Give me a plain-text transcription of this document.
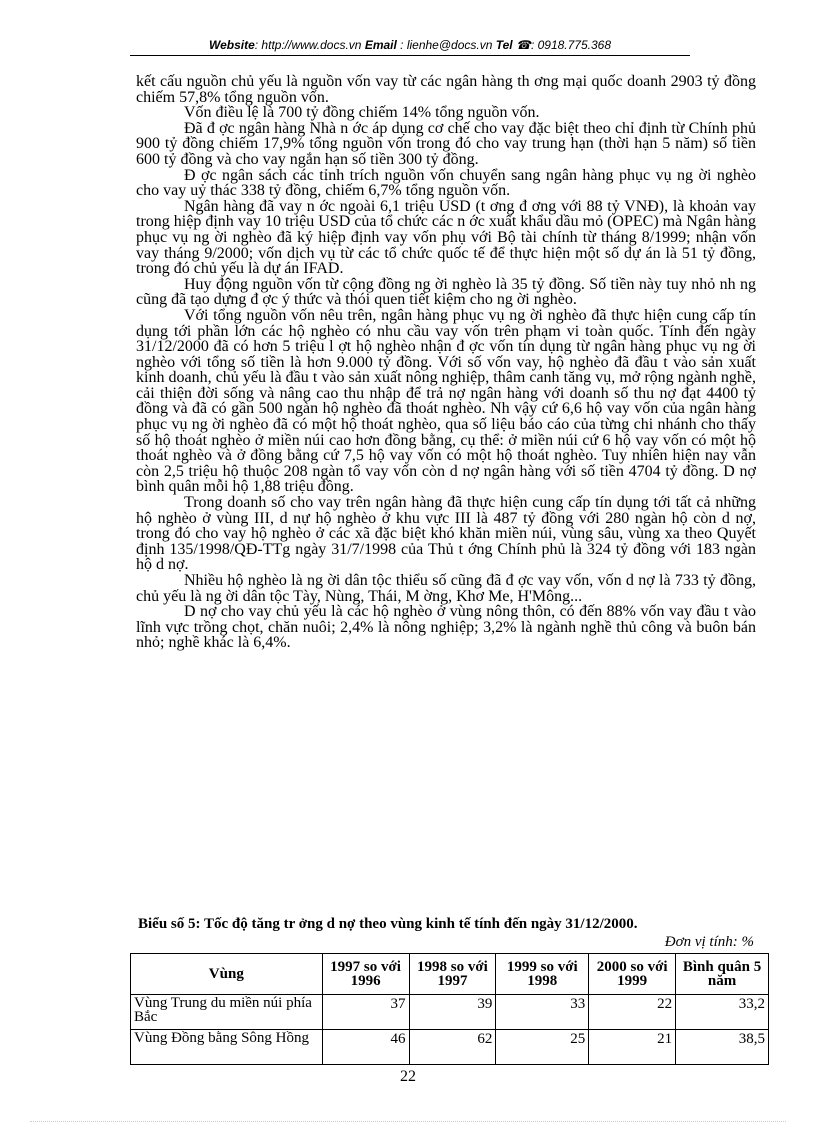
Website: http://www.docs.vn Email : lienhe@docs.vn Tel ☎: 0918.775.368

kết cấu nguồn chủ yếu là nguồn vốn vay từ các ngân hàng th ơng mại quốc doanh 2903 tỷ đồng chiếm 57,8% tổng nguồn vốn.

Vốn điều lệ là 700 tỷ đồng chiếm 14% tổng nguồn vốn.

Đã đ ợc ngân hàng Nhà n ớc áp dụng cơ chế cho vay đặc biệt theo chỉ định từ Chính phủ 900 tỷ đồng chiếm 17,9% tổng nguồn vốn trong đó cho vay trung hạn (thời hạn 5 năm) số tiền 600 tỷ đồng và cho vay ngắn hạn số tiền 300 tỷ đồng.

Đ ợc ngân sách các tỉnh trích nguồn vốn chuyển sang ngân hàng phục vụ ng ời nghèo cho vay uỷ thác 338 tỷ đồng, chiếm 6,7% tổng nguồn vốn.

Ngân hàng đã vay n ớc ngoài 6,1 triệu USD (t ơng đ ơng với 88 tỷ VNĐ), là khoản vay trong hiệp định vay 10 triệu USD của tổ chức các n ớc xuất khẩu dầu mỏ (OPEC) mà Ngân hàng phục vụ ng ời nghèo đã ký hiệp định vay vốn phụ với Bộ tài chính từ tháng 8/1999; nhận vốn vay tháng 9/2000; vốn dịch vụ từ các tổ chức quốc tế để thực hiện một số dự án là 51 tỷ đồng, trong đó chủ yếu là dự án IFAD.

Huy động nguồn vốn từ cộng đồng ng ời nghèo là 35 tỷ đồng. Số tiền này tuy nhỏ nh ng cũng đã tạo dựng đ ợc ý thức và thói quen tiết kiệm cho ng ời nghèo.

Với tổng nguồn vốn nêu trên, ngân hàng phục vụ ng ời nghèo đã thực hiện cung cấp tín dụng tới phần lớn các hộ nghèo có nhu cầu vay vốn trên phạm vi toàn quốc. Tính đến ngày 31/12/2000 đã có hơn 5 triệu l ợt hộ nghèo nhận đ ợc vốn tín dụng từ ngân hàng phục vụ ng ời nghèo với tổng số tiền là hơn 9.000 tỷ đồng. Với số vốn vay, hộ nghèo đã đầu t vào sản xuất kinh doanh, chủ yếu là đầu t vào sản xuất nông nghiệp, thâm canh tăng vụ, mở rộng ngành nghề, cải thiện đời sống và nâng cao thu nhập để trả nợ ngân hàng với doanh số thu nợ đạt 4400 tỷ đồng và đã có gần 500 ngàn hộ nghèo đã thoát nghèo. Nh vậy cứ 6,6 hộ vay vốn của ngân hàng phục vụ ng ời nghèo đã có một hộ thoát nghèo, qua số liệu báo cáo của từng chi nhánh cho thấy số hộ thoát nghèo ở miền núi cao hơn đồng bằng, cụ thể: ở miền núi cứ 6 hộ vay vốn có một hộ thoát nghèo và ở đồng bằng cứ 7,5 hộ vay vốn có một hộ thoát nghèo. Tuy nhiên hiện nay vẫn còn 2,5 triệu hộ thuộc 208 ngàn tổ vay vốn còn d nợ ngân hàng với số tiền 4704 tỷ đồng. D nợ bình quân mỗi hộ 1,88 triệu đồng.

Trong doanh số cho vay trên ngân hàng đã thực hiện cung cấp tín dụng tới tất cả những hộ nghèo ở vùng III, d nự hộ nghèo ở khu vực III là 487 tỷ đồng với 280 ngàn hộ còn d nợ, trong đó cho vay hộ nghèo ở các xã đặc biệt khó khăn miền núi, vùng sâu, vùng xa theo Quyết định 135/1998/QĐ-TTg ngày 31/7/1998 của Thủ t ớng Chính phủ là 324 tỷ đồng với 183 ngàn hộ d nợ.

Nhiều hộ nghèo là ng ời dân tộc thiểu số cũng đã đ ợc vay vốn, vốn d nợ là 733 tỷ đồng, chủ yếu là ng ời dân tộc Tày, Nùng, Thái, M ờng, Khơ Me, H'Mông...

D nợ cho vay chủ yếu là các hộ nghèo ở vùng nông thôn, có đến 88% vốn vay đầu t vào lĩnh vực trồng chọt, chăn nuôi; 2,4% là nông nghiệp; 3,2% là ngành nghề thủ công và buôn bán nhỏ; nghề khác là 6,4%.

Biểu số 5: Tốc độ tăng tr ởng d nợ theo vùng kinh tế tính đến ngày 31/12/2000.
Đơn vị tính: %
Vùng	1997 so với 1996	1998 so với 1997	1999 so với 1998	2000 so với 1999	Bình quân 5 năm
Vùng Trung du miền núi phía Bắc	37	39	33	22	33,2
Vùng Đồng bằng Sông Hồng	46	62	25	21	38,5
22
